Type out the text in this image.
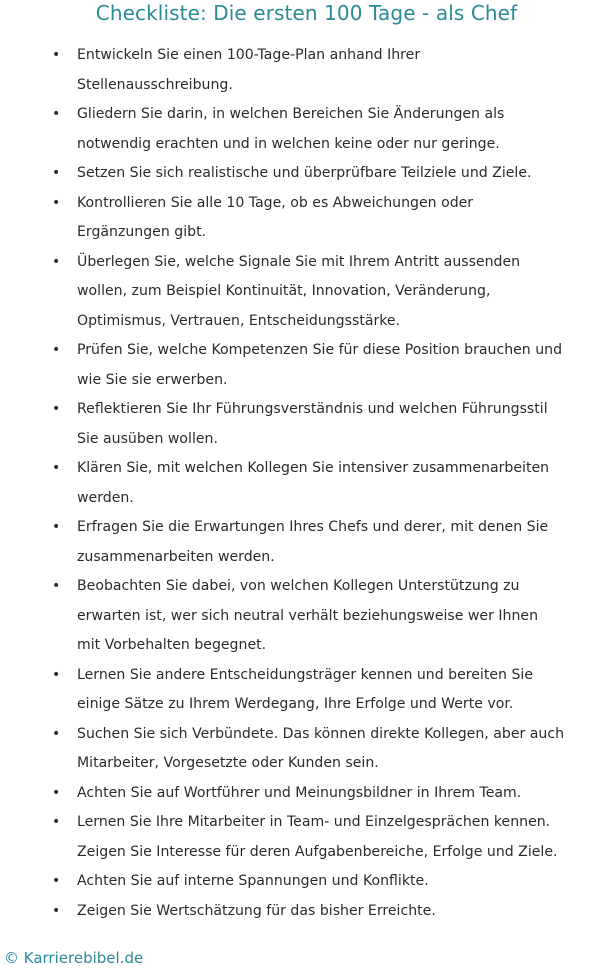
Checkliste: Die ersten 100 Tage - als Chef
• Entwickeln Sie einen 100-Tage-Plan anhand Ihrer
Stellenausschreibung.
• Gliedern Sie darin, in welchen Bereichen Sie Änderungen als
notwendig erachten und in welchen keine oder nur geringe.
• Setzen Sie sich realistische und überprüfbare Teilziele und Ziele.
• Kontrollieren Sie alle 10 Tage, ob es Abweichungen oder
Ergänzungen gibt.
• Überlegen Sie, welche Signale Sie mit Ihrem Antritt aussenden
wollen, zum Beispiel Kontinuität, Innovation, Veränderung,
Optimismus, Vertrauen, Entscheidungsstärke.
• Prüfen Sie, welche Kompetenzen Sie für diese Position brauchen und
wie Sie sie erwerben.
• Reflektieren Sie Ihr Führungsverständnis und welchen Führungsstil
Sie ausüben wollen.
• Klären Sie, mit welchen Kollegen Sie intensiver zusammenarbeiten
werden.
• Erfragen Sie die Erwartungen Ihres Chefs und derer, mit denen Sie
zusammenarbeiten werden.
• Beobachten Sie dabei, von welchen Kollegen Unterstützung zu
erwarten ist, wer sich neutral verhält beziehungsweise wer Ihnen
mit Vorbehalten begegnet.
• Lernen Sie andere Entscheidungsträger kennen und bereiten Sie
einige Sätze zu Ihrem Werdegang, Ihre Erfolge und Werte vor.
• Suchen Sie sich Verbündete. Das können direkte Kollegen, aber auch
Mitarbeiter, Vorgesetzte oder Kunden sein.
• Achten Sie auf Wortführer und Meinungsbildner in Ihrem Team.
• Lernen Sie Ihre Mitarbeiter in Team- und Einzelgesprächen kennen.
Zeigen Sie Interesse für deren Aufgabenbereiche, Erfolge und Ziele.
• Achten Sie auf interne Spannungen und Konflikte.
• Zeigen Sie Wertschätzung für das bisher Erreichte.
© Karrierebibel.de
